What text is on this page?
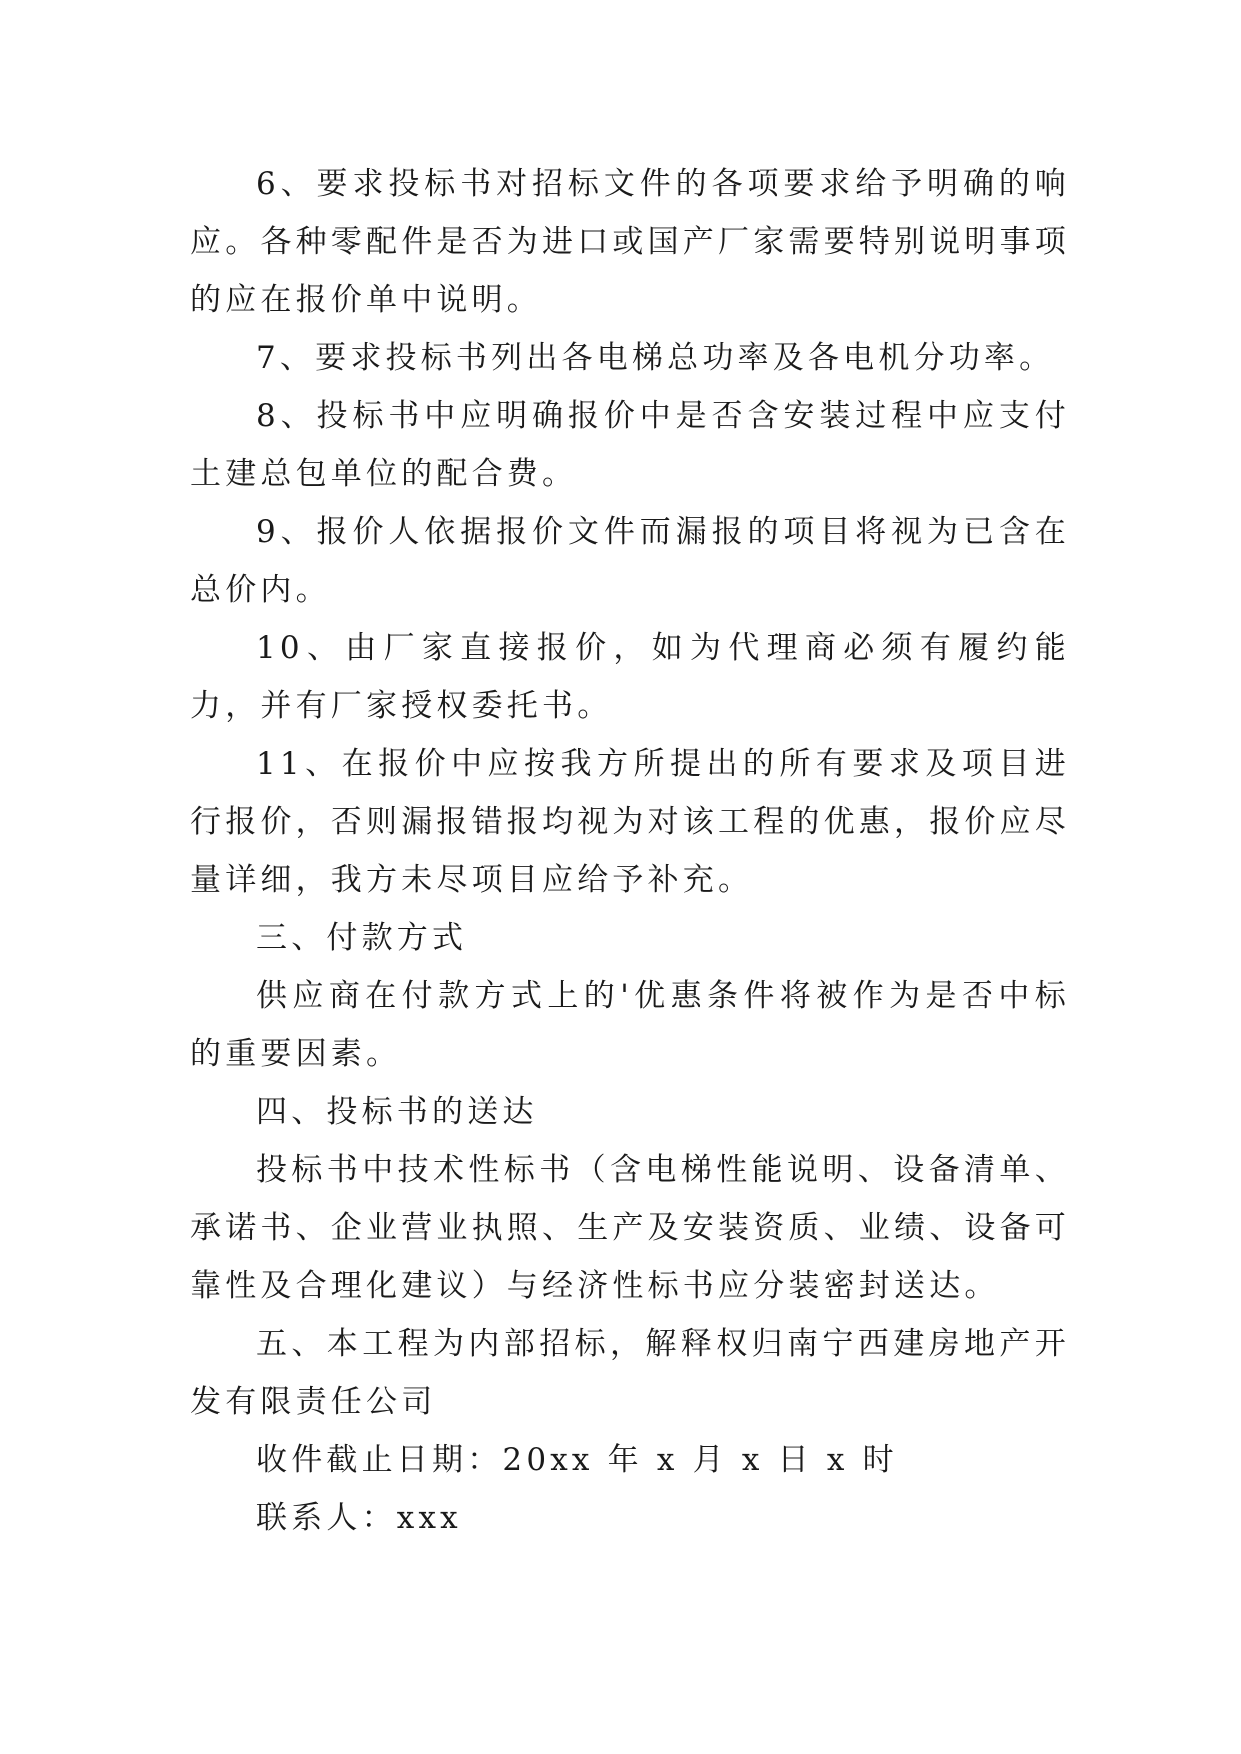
6、要求投标书对招标文件的各项要求给予明确的响应。各种零配件是否为进口或国产厂家需要特别说明事项的应在报价单中说明。

7、要求投标书列出各电梯总功率及各电机分功率。

8、投标书中应明确报价中是否含安装过程中应支付土建总包单位的配合费。

9、报价人依据报价文件而漏报的项目将视为已含在总价内。

10、由厂家直接报价，如为代理商必须有履约能力，并有厂家授权委托书。

11、在报价中应按我方所提出的所有要求及项目进行报价，否则漏报错报均视为对该工程的优惠，报价应尽量详细，我方未尽项目应给予补充。

三、付款方式

供应商在付款方式上的'优惠条件将被作为是否中标的重要因素。

四、投标书的送达

投标书中技术性标书（含电梯性能说明、设备清单、承诺书、企业营业执照、生产及安装资质、业绩、设备可靠性及合理化建议）与经济性标书应分装密封送达。

五、本工程为内部招标，解释权归南宁西建房地产开发有限责任公司

收件截止日期：20xx 年 x 月 x 日 x 时

联系人：xxx
